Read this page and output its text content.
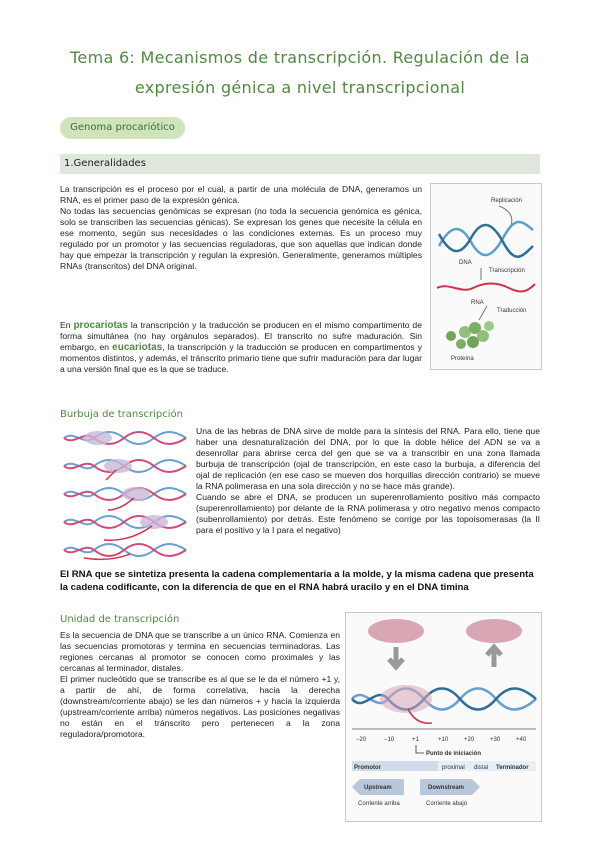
Tema 6: Mecanismos de transcripción. Regulación de la
expresión génica a nivel transcripcional
Genoma procariótico
1.Generalidades

La transcripción es el proceso por el cual, a partir de una molécula de DNA, generamos un RNA, es el primer paso de la expresión génica.

No todas las secuencias genómicas se expresan (no toda la secuencia genómica es génica, solo se transcriben las secuencias génicas). Se expresan los genes que necesite la célula en ese momento, según sus necesidades o las condiciones externas. Es un proceso muy regulado por un promotor y las secuencias reguladoras, que son aquellas que indican donde hay que empezar la transcripción y regulan la expresión. Generalmente, generamos múltiples RNAs (transcritos) del DNA original.

En procariotas la transcripción y la traducción se producen en el mismo compartimento de forma simultánea (no hay orgánulos separados). El transcrito no sufre maduración. Sin embargo, en eucariotas, la transcripción y la traducción se producen en compartimentos y momentos distintos, y además, el tránscrito primario tiene que sufrir maduración para dar lugar a una versión final que es la que se traduce.
Replicación
DNA
Transcripción
RNA
Traducción
Proteína
Burbuja de transcripción

Una de las hebras de DNA sirve de molde para la síntesis del RNA. Para ello, tiene que haber una desnaturalización del DNA, por lo que la doble hélice del ADN se va a desenrollar para abrirse cerca del gen que se va a transcribir en una zona llamada burbuja de transcripción (ojal de transcripción, en este caso la burbuja, a diferencia del ojal de replicación (en ese caso se mueven dos horquillas dirección contrario) se mueve la RNA polimerasa en una sola dirección y no se hace más grande).

Cuando se abre el DNA, se producen un superenrollamiento positivo más compacto (superenrollamiento) por delante de la RNA polimerasa y otro negativo menos compacto (subenrollamiento) por detrás. Este fenómeno se corrige por las topoisomerasas (la II para el positivo y la I para el negativo)

El RNA que se sintetiza presenta la cadena complementaria a la molde, y la misma cadena que presenta la cadena codificante, con la diferencia de que en el RNA habrá uracilo y en el DNA timina
Unidad de transcripción

Es la secuencia de DNA que se transcribe a un único RNA. Comienza en las secuencias promotoras y termina en secuencias terminadoras. Las regiones cercanas al promotor se conocen como proximales y las cercanas al terminador, distales.

El primer nucleótido que se transcribe es al que se le da el número +1 y, a partir de ahí, de forma correlativa, hacia la derecha (downstream/corriente abajo) se les dan números + y hacia la izquierda (upstream/corriente arriba) números negativos. Las posiciones negativas no están en el tránscrito pero pertenecen a la zona reguladora/promotora.

−20	−10	+1	+10	+20	+30	+40
Punto de iniciación
Promotor	proximal distal Terminador
Upstream	Downstream
Corriente arriba	Corriente abajo
